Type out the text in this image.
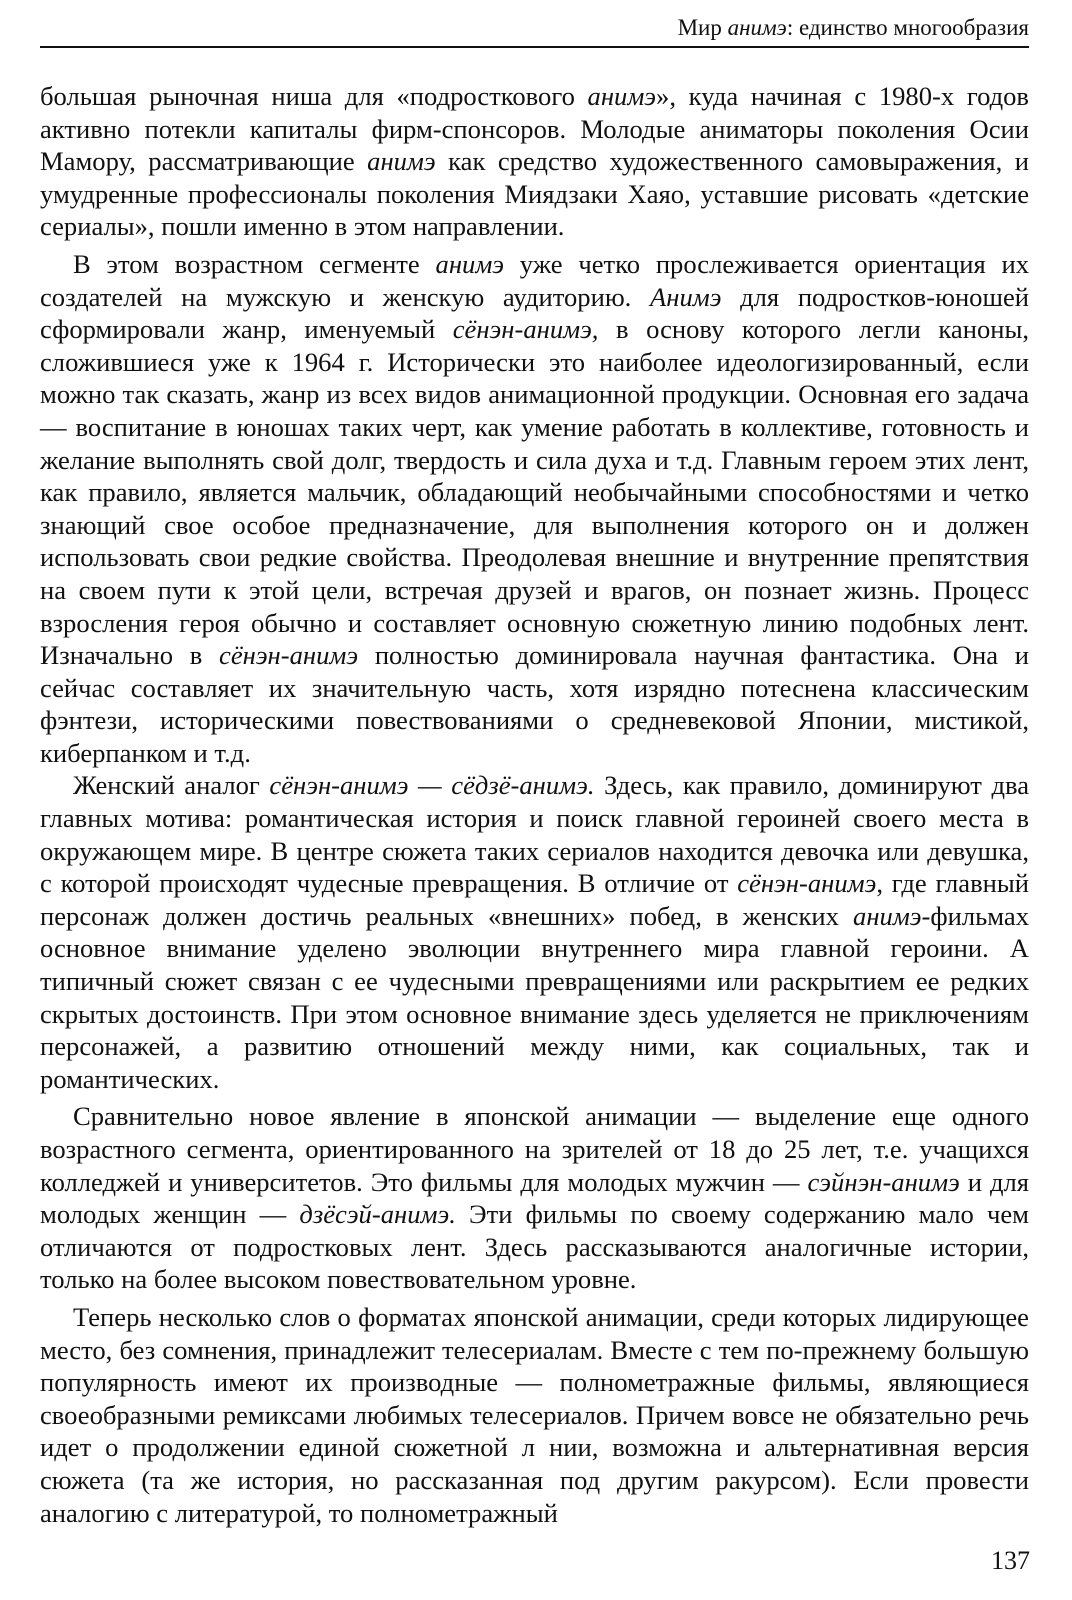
Мир анимэ: единство многообразия

большая рыночная ниша для «подросткового анимэ», куда начиная с 1980-х годов активно потекли капиталы фирм-спонсоров. Молодые аниматоры поколения Осии Мамору, рассматривающие анимэ как средство художественного самовыражения, и умудренные профессионалы поколения Миядзаки Хаяо, уставшие рисовать «детские сериалы», пошли именно в этом направлении.

В этом возрастном сегменте анимэ уже четко прослеживается ориентация их создателей на мужскую и женскую аудиторию. Анимэ для подростков-юношей сформировали жанр, именуемый сёнэн-анимэ, в основу которого легли каноны, сложившиеся уже к 1964 г. Исторически это наиболее идеологизированный, если можно так сказать, жанр из всех видов анимационной продукции. Основная его задача — воспитание в юношах таких черт, как умение работать в коллективе, готовность и желание выполнять свой долг, твердость и сила духа и т.д. Главным героем этих лент, как правило, является мальчик, обладающий необычайными способностями и четко знающий свое особое предназначение, для выполнения которого он и должен использовать свои редкие свойства. Преодолевая внешние и внутренние препятствия на своем пути к этой цели, встречая друзей и врагов, он познает жизнь. Процесс взросления героя обычно и составляет основную сюжетную линию подобных лент. Изначально в сёнэн-анимэ полностью доминировала научная фантастика. Она и сейчас составляет их значительную часть, хотя изрядно потеснена классическим фэнтези, историческими повествованиями о средневековой Японии, мистикой, киберпанком и т.д.

Женский аналог сёнэн-анимэ — сёдзё-анимэ. Здесь, как правило, доминируют два главных мотива: романтическая история и поиск главной героиней своего места в окружающем мире. В центре сюжета таких сериалов находится девочка или девушка, с которой происходят чудесные превращения. В отличие от сёнэн-анимэ, где главный персонаж должен достичь реальных «внешних» побед, в женских анимэ-фильмах основное внимание уделено эволюции внутреннего мира главной героини. А типичный сюжет связан с ее чудесными превращениями или раскрытием ее редких скрытых достоинств. При этом основное внимание здесь уделяется не приключениям персонажей, а развитию отношений между ними, как социальных, так и романтических.

Сравнительно новое явление в японской анимации — выделение еще одного возрастного сегмента, ориентированного на зрителей от 18 до 25 лет, т.е. учащихся колледжей и университетов. Это фильмы для молодых мужчин — сэйнэн-анимэ и для молодых женщин — дзёсэй-анимэ. Эти фильмы по своему содержанию мало чем отличаются от подростковых лент. Здесь рассказываются аналогичные истории, только на более высоком повествовательном уровне.

Теперь несколько слов о форматах японской анимации, среди которых лидирующее место, без сомнения, принадлежит телесериалам. Вместе с тем по-прежнему большую популярность имеют их производные — полнометражные фильмы, являющиеся своеобразными ремиксами любимых телесериалов. Причем вовсе не обязательно речь идет о продолжении единой сюжетной л нии, возможна и альтернативная версия сюжета (та же история, но рассказанная под другим ракурсом). Если провести аналогию с литературой, то полнометражный

137
